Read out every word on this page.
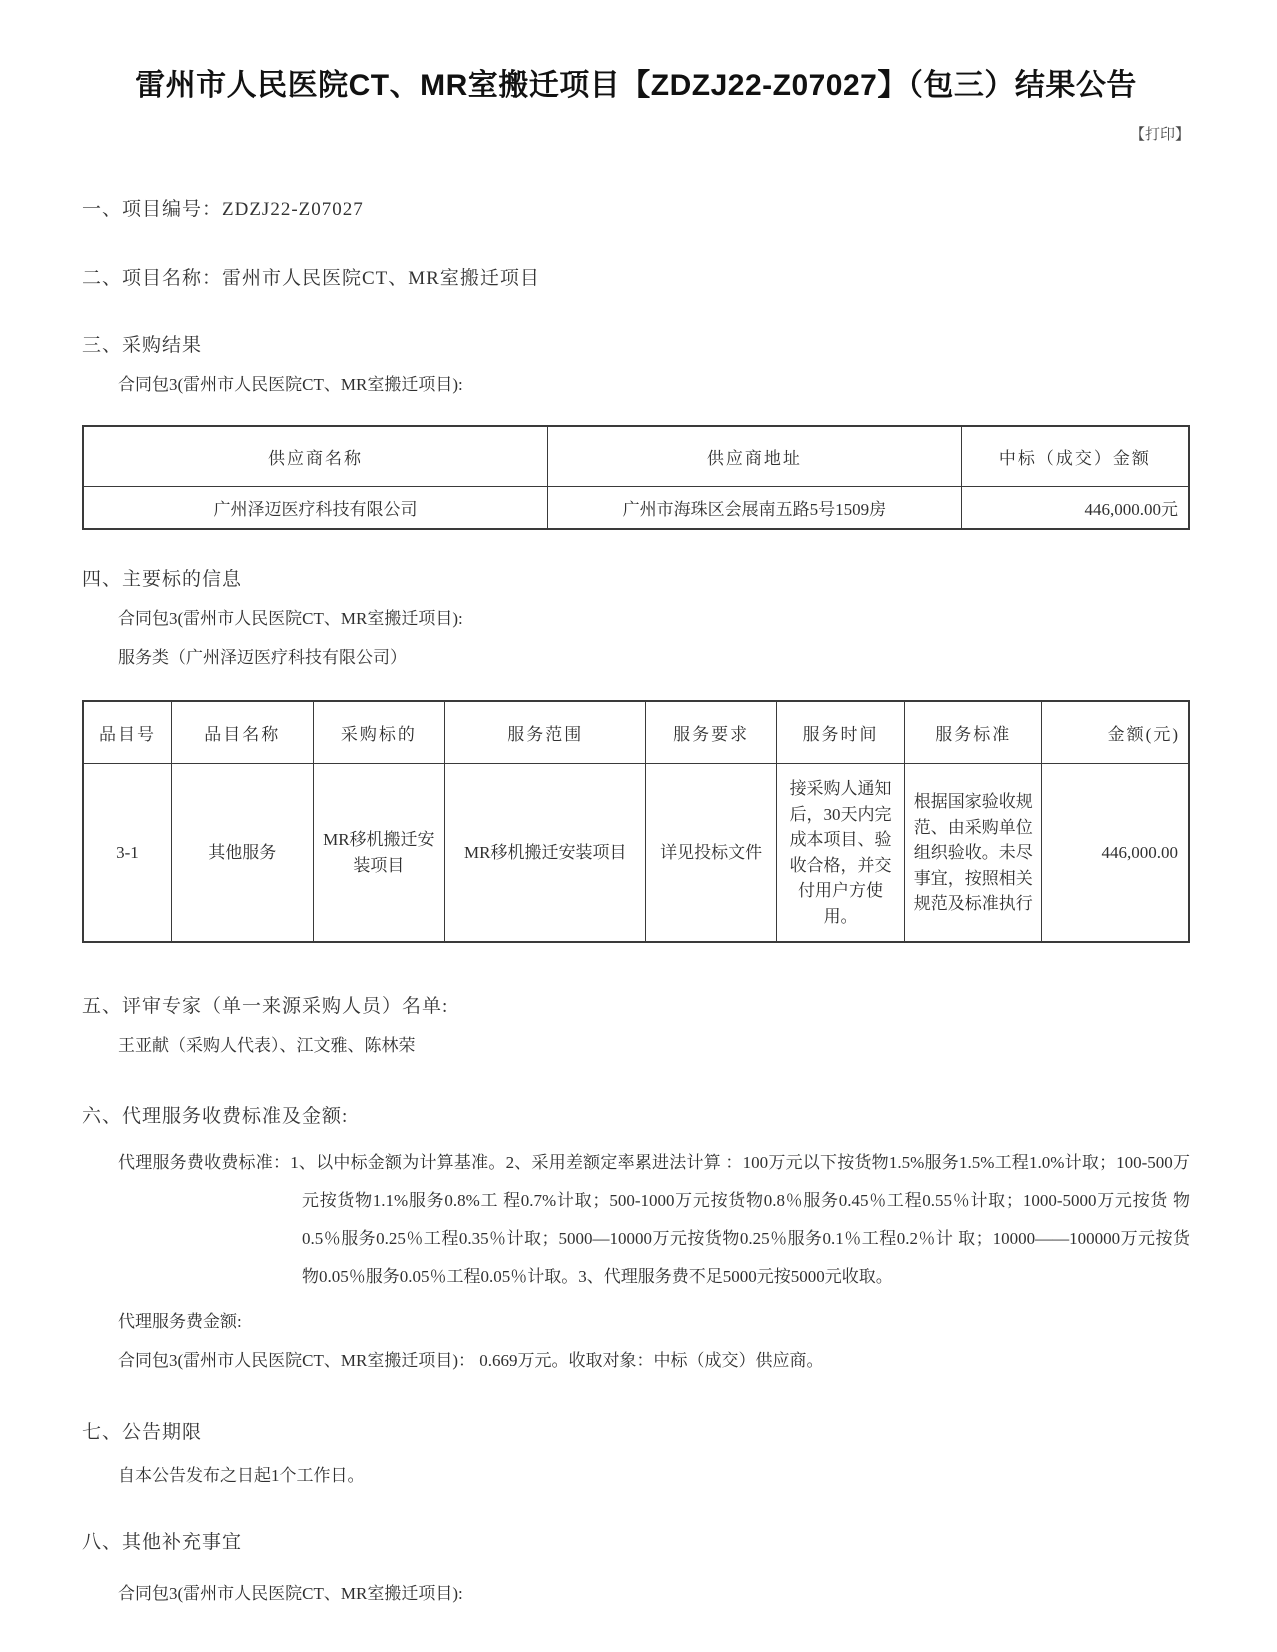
雷州市人民医院CT、MR室搬迁项目【ZDZJ22-Z07027】（包三）结果公告
【打印】
一、项目编号：ZDZJ22-Z07027
二、项目名称：雷州市人民医院CT、MR室搬迁项目
三、采购结果

合同包3(雷州市人民医院CT、MR室搬迁项目):

供应商名称	供应商地址	中标（成交）金额
广州泽迈医疗科技有限公司	广州市海珠区会展南五路5号1509房	446,000.00元
四、主要标的信息

合同包3(雷州市人民医院CT、MR室搬迁项目):

服务类（广州泽迈医疗科技有限公司）

品目号	品目名称	采购标的	服务范围	服务要求	服务时间	服务标准	金额(元)
3-1	其他服务	MR移机搬迁安装项目	MR移机搬迁安装项目	详见投标文件	接采购人通知后，30天内完成本项目、验收合格，并交付用户方使用。	根据国家验收规范、由采购单位组织验收。未尽事宜，按照相关规范及标准执行	446,000.00
五、评审专家（单一来源采购人员）名单:

王亚献（采购人代表）、江文雅、陈林荣

六、代理服务收费标准及金额:

代理服务费收费标准：1、以中标金额为计算基准。2、采用差额定率累进法计算 ：100万元以下按货物1.5%服务1.5%工程1.0%计取；100-500万元按货物1.1%服务0.8%工 程0.7%计取；500-1000万元按货物0.8％服务0.45％工程0.55％计取；1000-5000万元按货 物0.5％服务0.25％工程0.35％计取；5000—10000万元按货物0.25％服务0.1％工程0.2％计 取；10000——100000万元按货物0.05％服务0.05％工程0.05％计取。3、代理服务费不足5000元按5000元收取。

代理服务费金额:

合同包3(雷州市人民医院CT、MR室搬迁项目)： 0.669万元。收取对象：中标（成交）供应商。

七、公告期限

自本公告发布之日起1个工作日。

八、其他补充事宜

合同包3(雷州市人民医院CT、MR室搬迁项目):
